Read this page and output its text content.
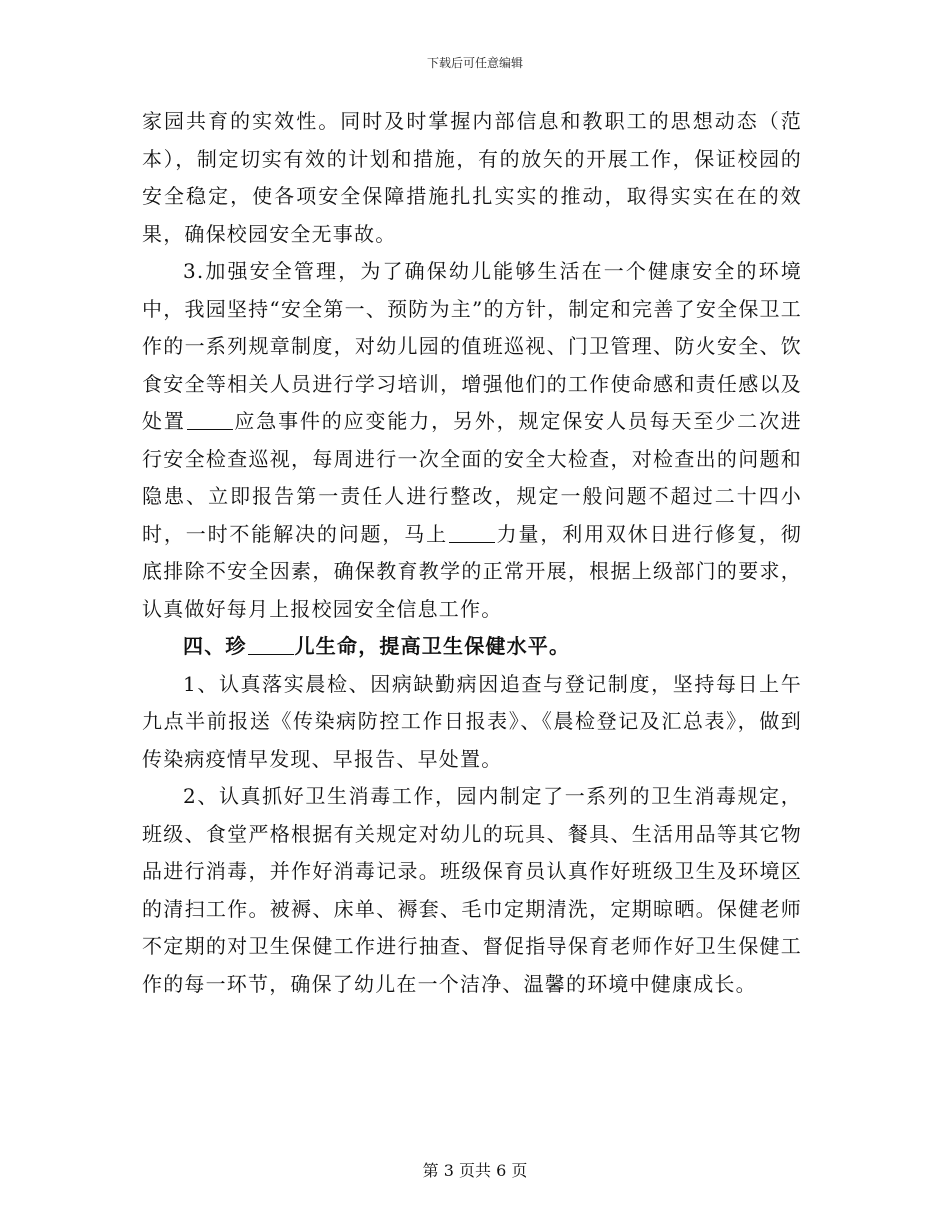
下载后可任意编辑

家园共育的实效性。同时及时掌握内部信息和教职工的思想动态（范本），制定切实有效的计划和措施，有的放矢的开展工作，保证校园的安全稳定，使各项安全保障措施扎扎实实的推动，取得实实在在的效果，确保校园安全无事故。

3.加强安全管理，为了确保幼儿能够生活在一个健康安全的环境中，我园坚持“安全第一、预防为主”的方针，制定和完善了安全保卫工作的一系列规章制度，对幼儿园的值班巡视、门卫管理、防火安全、饮食安全等相关人员进行学习培训，增强他们的工作使命感和责任感以及处置 应急事件的应变能力，另外，规定保安人员每天至少二次进行安全检查巡视，每周进行一次全面的安全大检查，对检查出的问题和隐患、立即报告第一责任人进行整改，规定一般问题不超过二十四小时，一时不能解决的问题，马上 力量，利用双休日进行修复，彻底排除不安全因素，确保教育教学的正常开展，根据上级部门的要求，认真做好每月上报校园安全信息工作。

四、珍 儿生命，提高卫生保健水平。

1、认真落实晨检、因病缺勤病因追查与登记制度，坚持每日上午九点半前报送《传染病防控工作日报表》、《晨检登记及汇总表》，做到传染病疫情早发现、早报告、早处置。

2、认真抓好卫生消毒工作，园内制定了一系列的卫生消毒规定，班级、食堂严格根据有关规定对幼儿的玩具、餐具、生活用品等其它物品进行消毒，并作好消毒记录。班级保育员认真作好班级卫生及环境区的清扫工作。被褥、床单、褥套、毛巾定期清洗，定期晾晒。保健老师不定期的对卫生保健工作进行抽查、督促指导保育老师作好卫生保健工作的每一环节，确保了幼儿在一个洁净、温馨的环境中健康成长。

第 3 页共 6 页
